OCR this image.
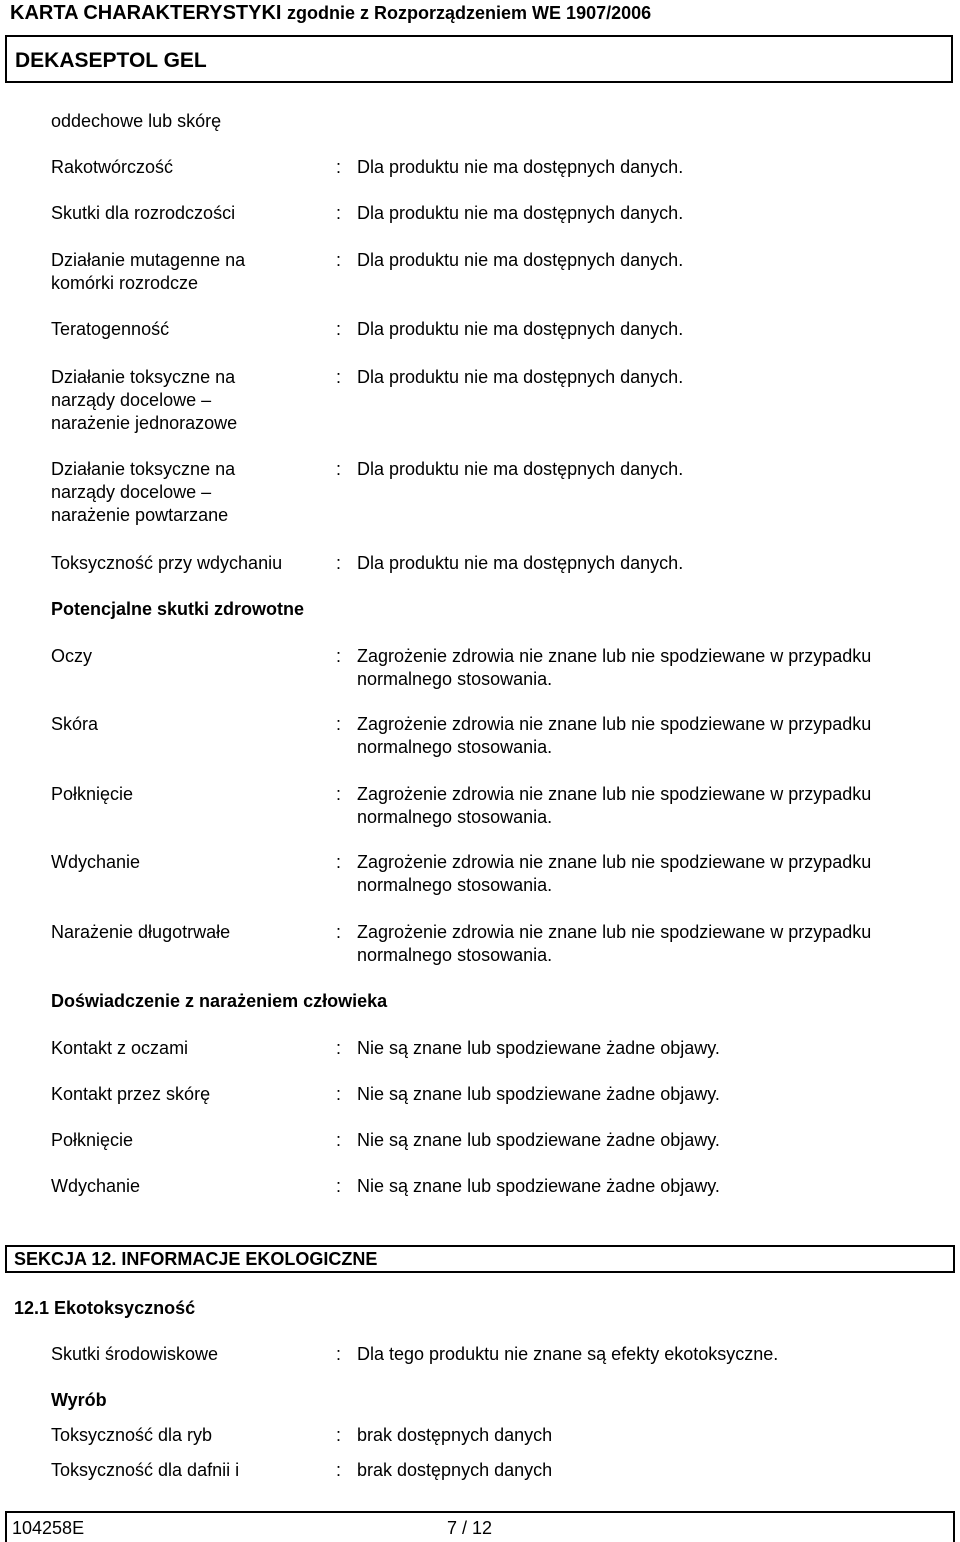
KARTA CHARAKTERYSTYKI zgodnie z Rozporządzeniem WE 1907/2006
DEKASEPTOL GEL
oddechowe lub skórę
Rakotwórczość	: Dla produktu nie ma dostępnych danych.
Skutki dla rozrodczości	: Dla produktu nie ma dostępnych danych.
Działanie mutagenne na
komórki rozrodcze
: Dla produktu nie ma dostępnych danych.
Teratogenność	: Dla produktu nie ma dostępnych danych.
Działanie toksyczne na
narządy docelowe –
narażenie jednorazowe
: Dla produktu nie ma dostępnych danych.
Działanie toksyczne na
narządy docelowe –
narażenie powtarzane
: Dla produktu nie ma dostępnych danych.
Toksyczność przy wdychaniu	: Dla produktu nie ma dostępnych danych.
Potencjalne skutki zdrowotne
Oczy	: Zagrożenie zdrowia nie znane lub nie spodziewane w przypadku
normalnego stosowania.
Skóra	: Zagrożenie zdrowia nie znane lub nie spodziewane w przypadku
normalnego stosowania.
Połknięcie	: Zagrożenie zdrowia nie znane lub nie spodziewane w przypadku
normalnego stosowania.
Wdychanie	: Zagrożenie zdrowia nie znane lub nie spodziewane w przypadku
normalnego stosowania.
Narażenie długotrwałe	: Zagrożenie zdrowia nie znane lub nie spodziewane w przypadku
normalnego stosowania.
Doświadczenie z narażeniem człowieka
Kontakt z oczami	: Nie są znane lub spodziewane żadne objawy.
Kontakt przez skórę	: Nie są znane lub spodziewane żadne objawy.
Połknięcie	: Nie są znane lub spodziewane żadne objawy.
Wdychanie	: Nie są znane lub spodziewane żadne objawy.
SEKCJA 12. INFORMACJE EKOLOGICZNE
12.1 Ekotoksyczność
Skutki środowiskowe	: Dla tego produktu nie znane są efekty ekotoksyczne.
Wyrób
Toksyczność dla ryb	: brak dostępnych danych
Toksyczność dla dafnii i	: brak dostępnych danych
104258E	7 / 12
